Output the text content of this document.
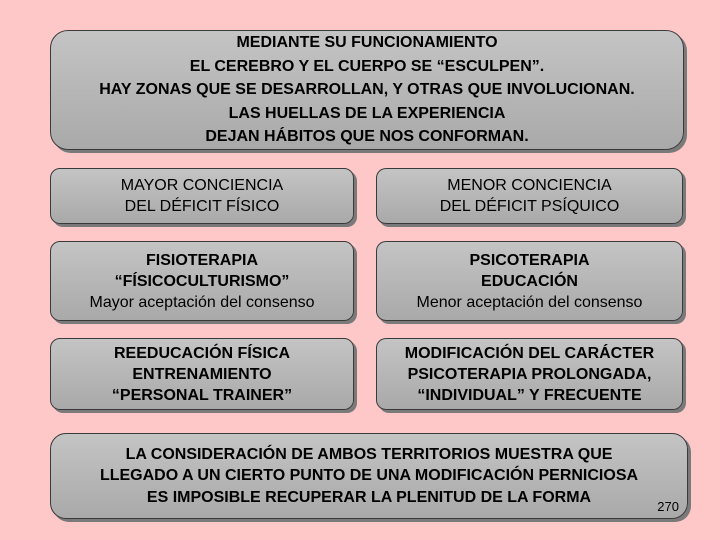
MEDIANTE SU FUNCIONAMIENTO
EL CEREBRO Y EL CUERPO SE “ESCULPEN”.
HAY ZONAS QUE SE DESARROLLAN, Y OTRAS QUE INVOLUCIONAN.
LAS HUELLAS DE LA EXPERIENCIA
DEJAN HÁBITOS QUE NOS CONFORMAN.
MAYOR CONCIENCIA
DEL DÉFICIT FÍSICO
MENOR CONCIENCIA
DEL DÉFICIT PSÍQUICO
FISIOTERAPIA
“FÍSICOCULTURISMO”
Mayor aceptación del consenso
PSICOTERAPIA
EDUCACIÓN
Menor aceptación del consenso
REEDUCACIÓN FÍSICA
ENTRENAMIENTO
“PERSONAL TRAINER”
MODIFICACIÓN DEL CARÁCTER
PSICOTERAPIA PROLONGADA,
“INDIVIDUAL” Y FRECUENTE
LA CONSIDERACIÓN DE AMBOS TERRITORIOS MUESTRA QUE
LLEGADO A UN CIERTO PUNTO DE UNA MODIFICACIÓN PERNICIOSA
ES IMPOSIBLE RECUPERAR LA PLENITUD DE LA FORMA
270
